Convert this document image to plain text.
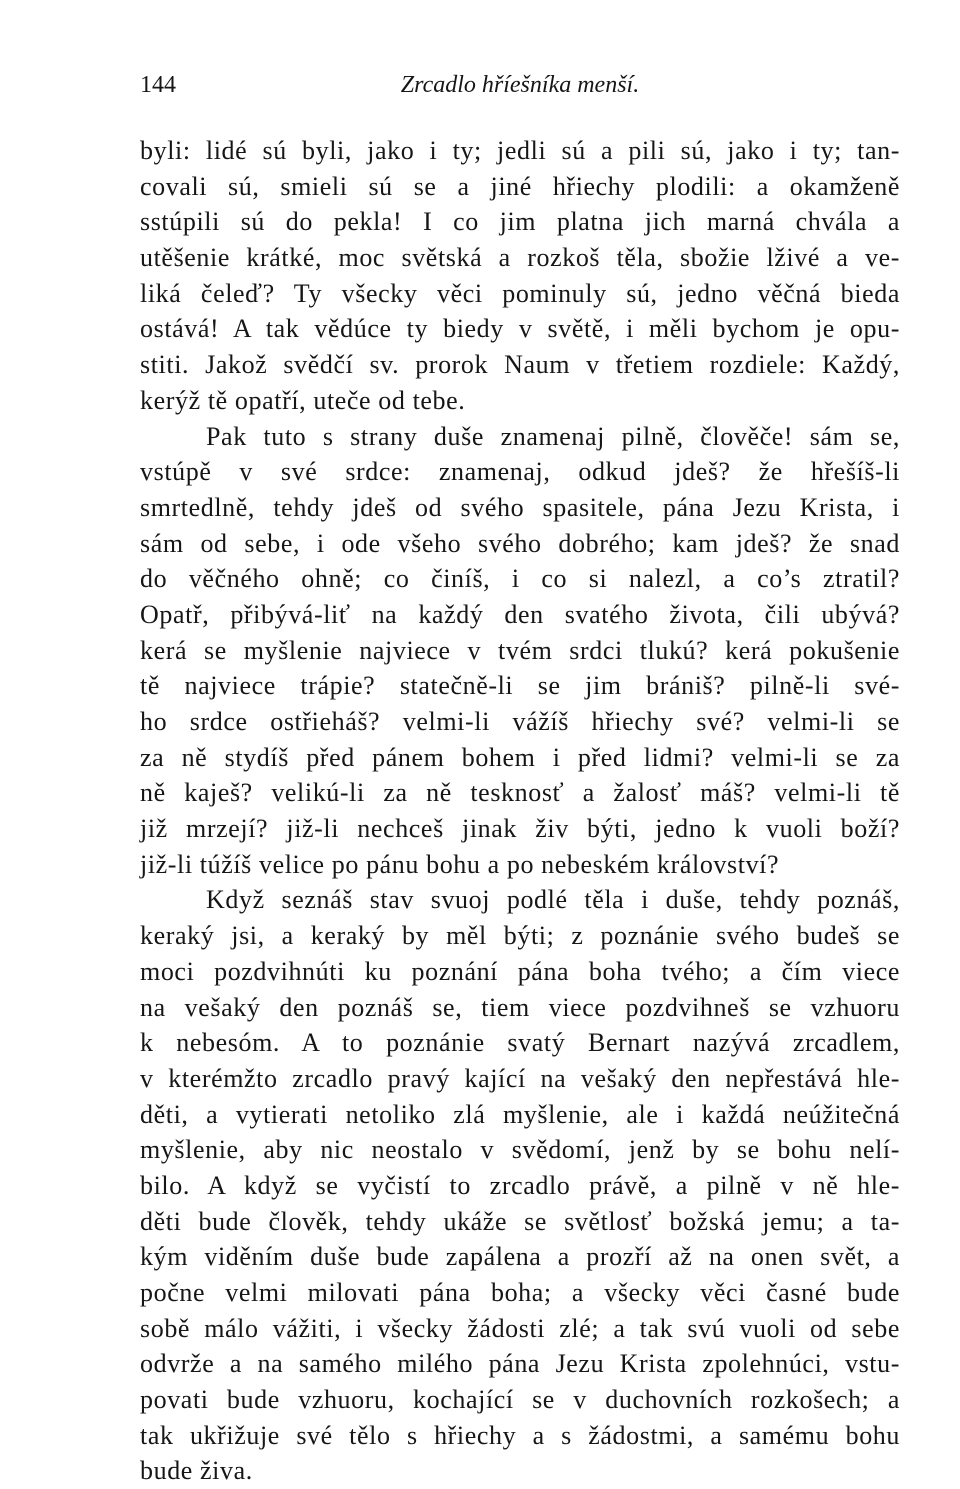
144	Zrcadlo hříešníka menší.
byli: lidé sú byli, jako i ty; jedli sú a pili sú, jako i ty; tan-
covali sú, smieli sú se a jiné hřiechy plodili: a okamženě
sstúpili sú do pekla! I co jim platna jich marná chvála a
utěšenie krátké, moc světská a rozkoš těla, sbožie lživé a ve-
liká čeleď? Ty všecky věci pominuly sú, jedno věčná bieda
ostává! A tak vědúce ty biedy v světě, i měli bychom je opu-
stiti. Jakož svědčí sv. prorok Naum v třetiem rozdiele: Každý,
kerýž tě opatří, uteče od tebe.
Pak tuto s strany duše znamenaj pilně, člověče! sám se,
vstúpě v své srdce: znamenaj, odkud jdeš? že hřešíš-li
smrtedlně, tehdy jdeš od svého spasitele, pána Jezu Krista, i
sám od sebe, i ode všeho svého dobrého; kam jdeš? že snad
do věčného ohně; co činíš, i co si nalezl, a co’s ztratil?
Opatř, přibývá-liť na každý den svatého života, čili ubývá?
kerá se myšlenie najviece v tvém srdci tlukú? kerá pokušenie
tě najviece trápie? statečně-li se jim brániš? pilně-li své-
ho srdce ostřieháš? velmi-li vážíš hřiechy své? velmi-li se
za ně stydíš před pánem bohem i před lidmi? velmi-li se za
ně kaješ? velikú-li za ně tesknosť a žalosť máš? velmi-li tě
již mrzejí? již-li nechceš jinak živ býti, jedno k vuoli boží?
již-li túžíš velice po pánu bohu a po nebeském království?
Když seznáš stav svuoj podlé těla i duše, tehdy poznáš,
keraký jsi, a keraký by měl býti; z poznánie svého budeš se
moci pozdvihnúti ku poznání pána boha tvého; a čím viece
na vešaký den poznáš se, tiem viece pozdvihneš se vzhuoru
k nebesóm. A to poznánie svatý Bernart nazývá zrcadlem,
v kterémžto zrcadlo pravý kající na vešaký den nepřestává hle-
děti, a vytierati netoliko zlá myšlenie, ale i každá neúžitečná
myšlenie, aby nic neostalo v svědomí, jenž by se bohu nelí-
bilo. A když se vyčistí to zrcadlo právě, a pilně v ně hle-
děti bude člověk, tehdy ukáže se světlosť božská jemu; a ta-
kým viděním duše bude zapálena a prozří až na onen svět, a
počne velmi milovati pána boha; a všecky věci časné bude
sobě málo vážiti, i všecky žádosti zlé; a tak svú vuoli od sebe
odvrže a na samého milého pána Jezu Krista zpolehnúci, vstu-
povati bude vzhuoru, kochající se v duchovních rozkošech; a
tak ukřižuje své tělo s hřiechy a s žádostmi, a samému bohu
bude živa.
